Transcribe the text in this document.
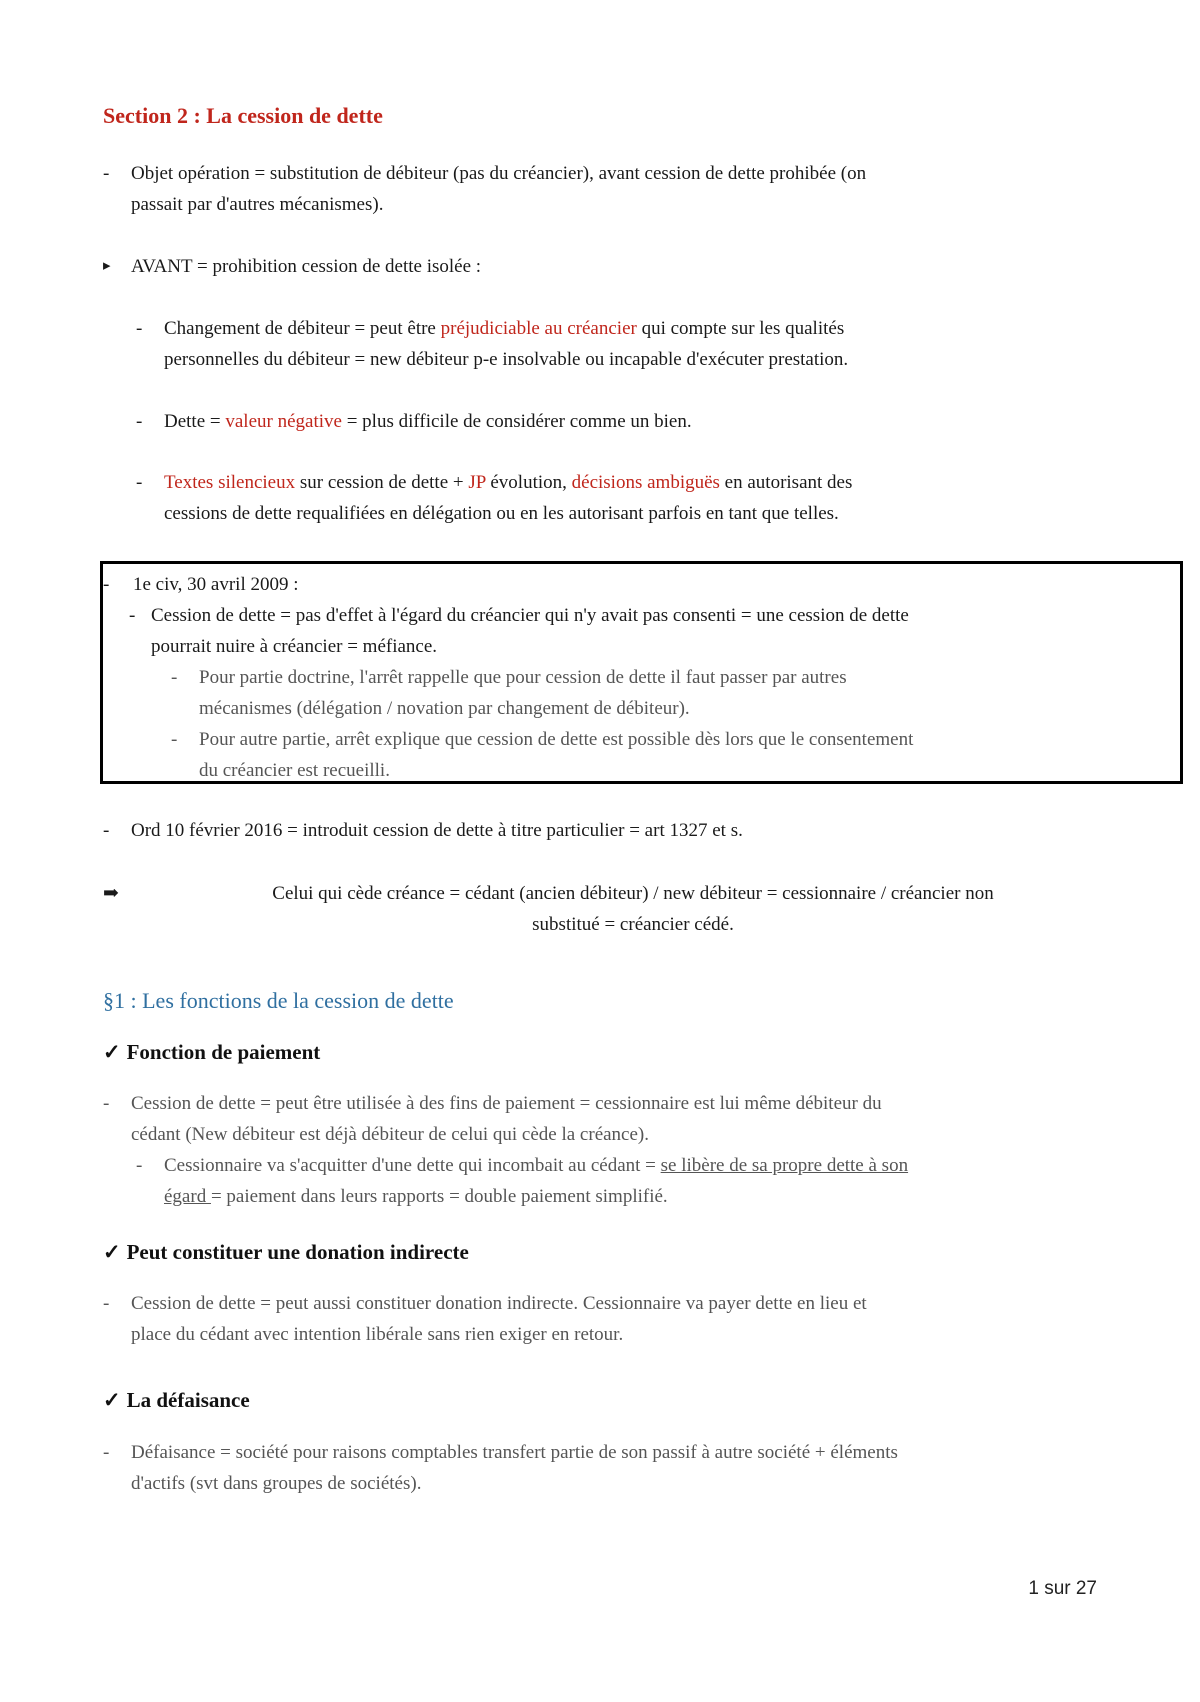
Section 2 : La cession de dette
- Objet opération = substitution de débiteur (pas du créancier), avant cession de dette prohibée (on
passait par d'autres mécanismes).
▸ AVANT = prohibition cession de dette isolée :
- Changement de débiteur = peut être préjudiciable au créancier qui compte sur les qualités
personnelles du débiteur = new débiteur p-e insolvable ou incapable d'exécuter prestation.
- Dette = valeur négative = plus difficile de considérer comme un bien.
- Textes silencieux sur cession de dette + JP évolution, décisions ambiguës en autorisant des
cessions de dette requalifiées en délégation ou en les autorisant parfois en tant que telles.
- 1e civ, 30 avril 2009 :
- Cession de dette = pas d'effet à l'égard du créancier qui n'y avait pas consenti = une cession de dette
pourrait nuire à créancier = méfiance.
- Pour partie doctrine, l'arrêt rappelle que pour cession de dette il faut passer par autres
mécanismes (délégation / novation par changement de débiteur).
- Pour autre partie, arrêt explique que cession de dette est possible dès lors que le consentement
du créancier est recueilli.
- Ord 10 février 2016 = introduit cession de dette à titre particulier = art 1327 et s.
➡	Celui qui cède créance = cédant (ancien débiteur) / new débiteur = cessionnaire / créancier non
substitué = créancier cédé.
§1 : Les fonctions de la cession de dette
✓ Fonction de paiement
- Cession de dette = peut être utilisée à des fins de paiement = cessionnaire est lui même débiteur du
cédant (New débiteur est déjà débiteur de celui qui cède la créance).
- Cessionnaire va s'acquitter d'une dette qui incombait au cédant = se libère de sa propre dette à son
égard = paiement dans leurs rapports = double paiement simplifié.
✓ Peut constituer une donation indirecte
- Cession de dette = peut aussi constituer donation indirecte. Cessionnaire va payer dette en lieu et
place du cédant avec intention libérale sans rien exiger en retour.
✓ La défaisance
- Défaisance = société pour raisons comptables transfert partie de son passif à autre société + éléments
d'actifs (svt dans groupes de sociétés).
1 sur 27
